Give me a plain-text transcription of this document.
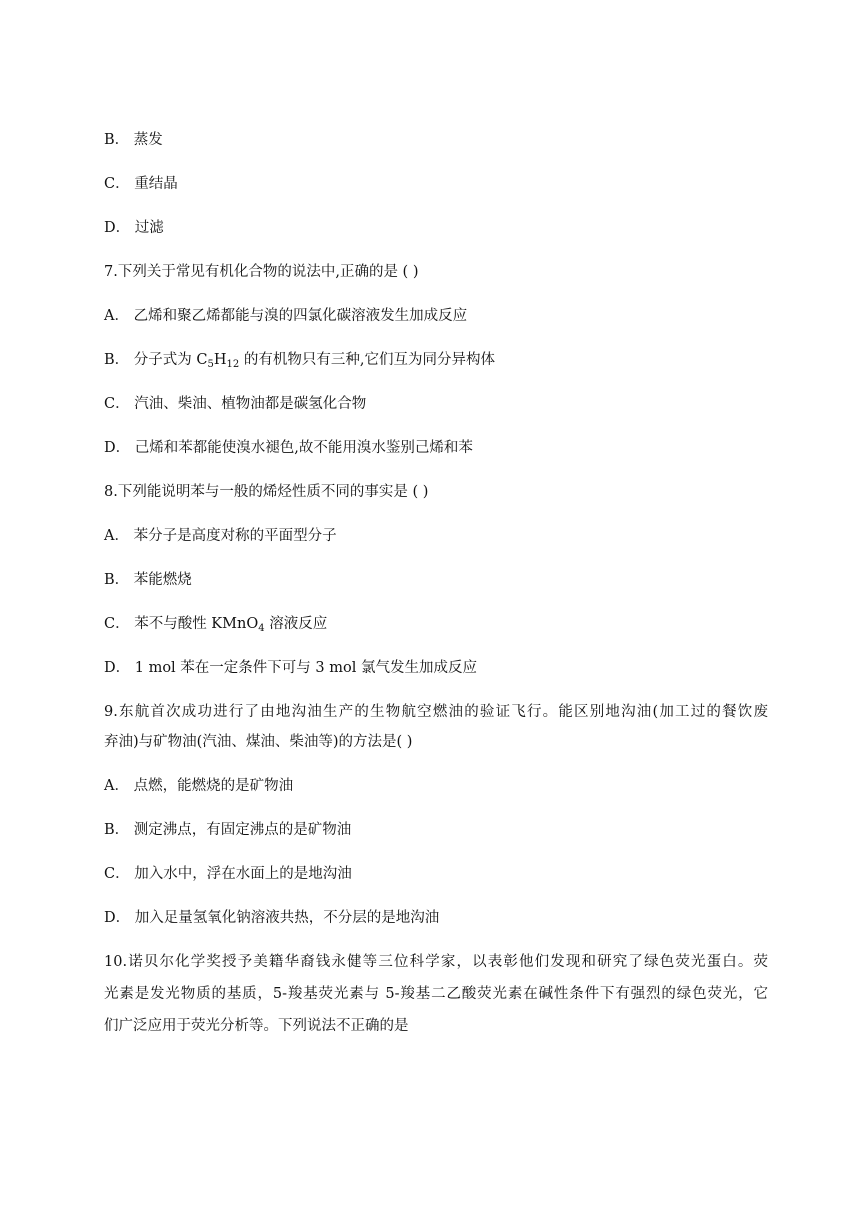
B． 蒸发
C． 重结晶
D． 过滤
7.下列关于常见有机化合物的说法中,正确的是 ( )
A． 乙烯和聚乙烯都能与溴的四氯化碳溶液发生加成反应
B． 分子式为 $C_5H_{12}$ 的有机物只有三种,它们互为同分异构体
C． 汽油、柴油、植物油都是碳氢化合物
D． 己烯和苯都能使溴水褪色,故不能用溴水鉴别己烯和苯
8.下列能说明苯与一般的烯烃性质不同的事实是 ( )
A． 苯分子是高度对称的平面型分子
B． 苯能燃烧
C． 苯不与酸性 KMnO$_4$ 溶液反应
D． 1 mol 苯在一定条件下可与 3 mol 氯气发生加成反应
9.东航首次成功进行了由地沟油生产的生物航空燃油的验证飞行。能区别地沟油(加工过的餐饮废
弃油)与矿物油(汽油、煤油、柴油等)的方法是( )
A． 点燃，能燃烧的是矿物油
B． 测定沸点，有固定沸点的是矿物油
C． 加入水中，浮在水面上的是地沟油
D． 加入足量氢氧化钠溶液共热，不分层的是地沟油
10.诺贝尔化学奖授予美籍华裔钱永健等三位科学家，以表彰他们发现和研究了绿色荧光蛋白。荧
光素是发光物质的基质，5-羧基荧光素与 5-羧基二乙酸荧光素在碱性条件下有强烈的绿色荧光，它
们广泛应用于荧光分析等。下列说法不正确的是
